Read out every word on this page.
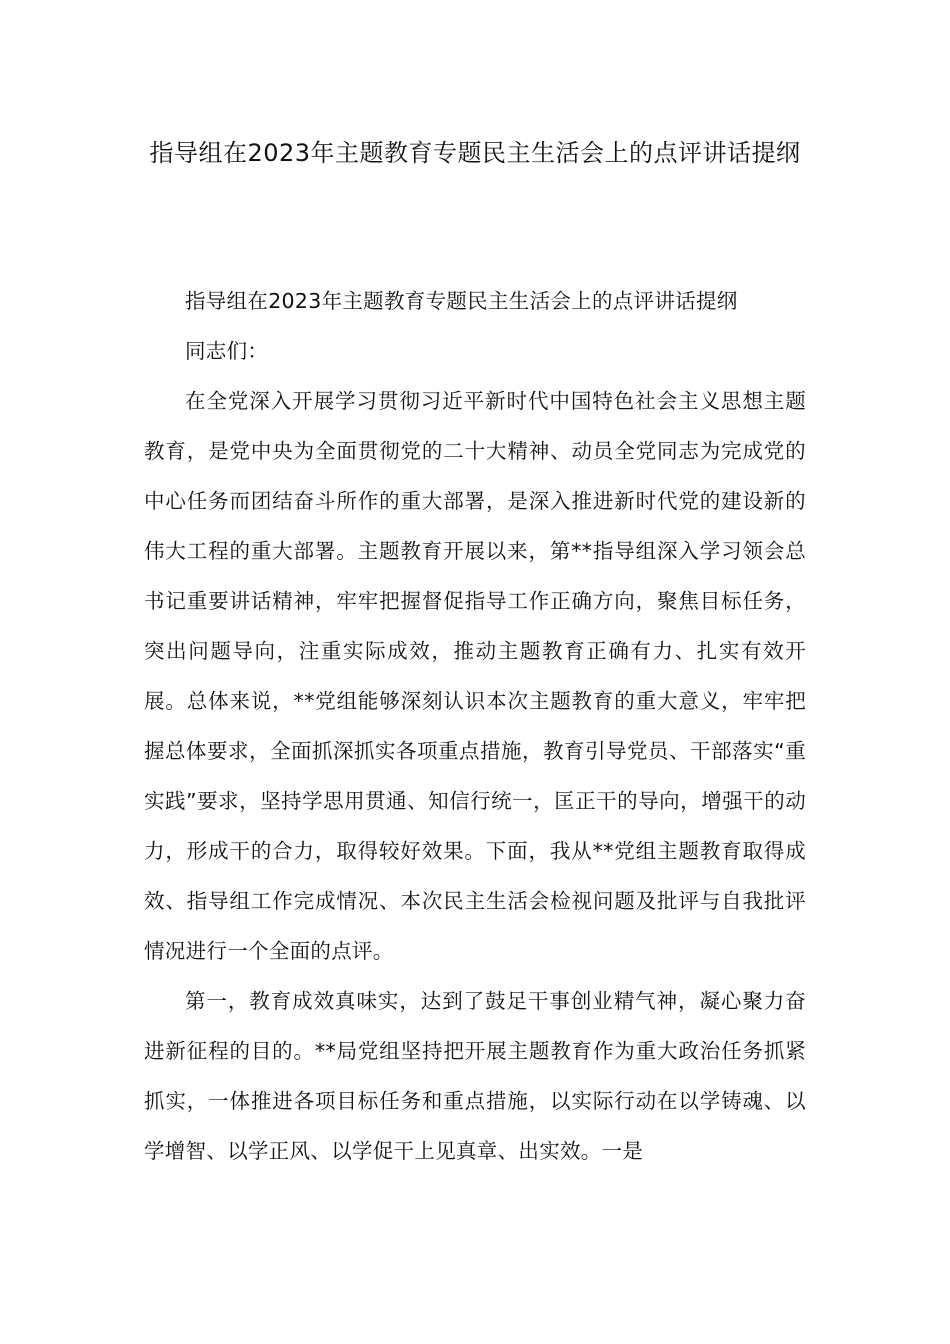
指导组在2023年主题教育专题民主生活会上的点评讲话提纲

指导组在2023年主题教育专题民主生活会上的点评讲话提纲

同志们：

在全党深入开展学习贯彻习近平新时代中国特色社会主义思想主题教育，是党中央为全面贯彻党的二十大精神、动员全党同志为完成党的中心任务而团结奋斗所作的重大部署，是深入推进新时代党的建设新的伟大工程的重大部署。主题教育开展以来，第**指导组深入学习领会总书记重要讲话精神，牢牢把握督促指导工作正确方向，聚焦目标任务，突出问题导向，注重实际成效，推动主题教育正确有力、扎实有效开展。总体来说，**党组能够深刻认识本次主题教育的重大意义，牢牢把握总体要求，全面抓深抓实各项重点措施，教育引导党员、干部落实“重实践”要求，坚持学思用贯通、知信行统一，匡正干的导向，增强干的动力，形成干的合力，取得较好效果。下面，我从**党组主题教育取得成效、指导组工作完成情况、本次民主生活会检视问题及批评与自我批评情况进行一个全面的点评。

第一，教育成效真味实，达到了鼓足干事创业精气神，凝心聚力奋进新征程的目的。**局党组坚持把开展主题教育作为重大政治任务抓紧抓实，一体推进各项目标任务和重点措施，以实际行动在以学铸魂、以学增智、以学正风、以学促干上见真章、出实效。一是
